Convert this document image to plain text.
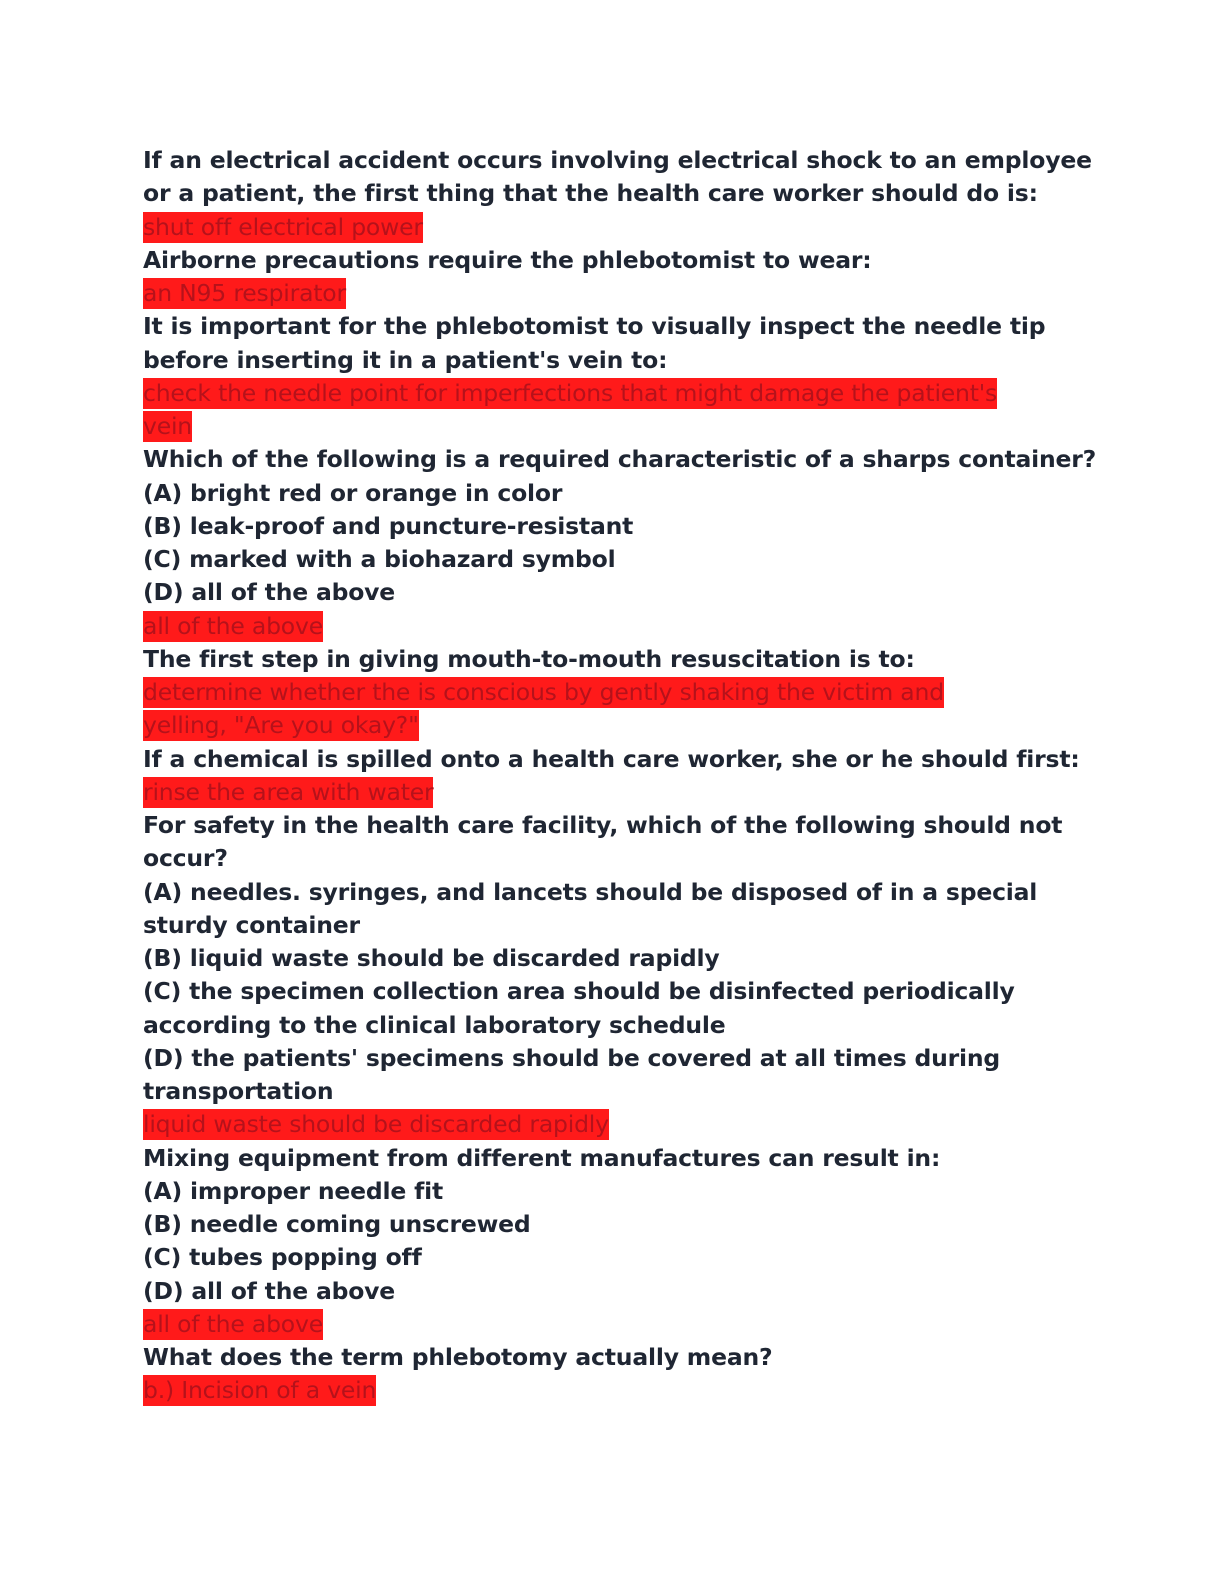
If an electrical accident occurs involving electrical shock to an employee
or a patient, the first thing that the health care worker should do is:
shut off electrical power
Airborne precautions require the phlebotomist to wear:
an N95 respirator
It is important for the phlebotomist to visually inspect the needle tip
before inserting it in a patient's vein to:
check the needle point for imperfections that might damage the patient's
vein
Which of the following is a required characteristic of a sharps container?
(A) bright red or orange in color
(B) leak-proof and puncture-resistant
(C) marked with a biohazard symbol
(D) all of the above
all of the above
The first step in giving mouth-to-mouth resuscitation is to:
determine whether the is conscious by gently shaking the victim and
yelling, "Are you okay?"
If a chemical is spilled onto a health care worker, she or he should first:
rinse the area with water
For safety in the health care facility, which of the following should not
occur?
(A) needles. syringes, and lancets should be disposed of in a special
sturdy container
(B) liquid waste should be discarded rapidly
(C) the specimen collection area should be disinfected periodically
according to the clinical laboratory schedule
(D) the patients' specimens should be covered at all times during
transportation
liquid waste should be discarded rapidly
Mixing equipment from different manufactures can result in:
(A) improper needle fit
(B) needle coming unscrewed
(C) tubes popping off
(D) all of the above
all of the above
What does the term phlebotomy actually mean?
b.) Incision of a vein
